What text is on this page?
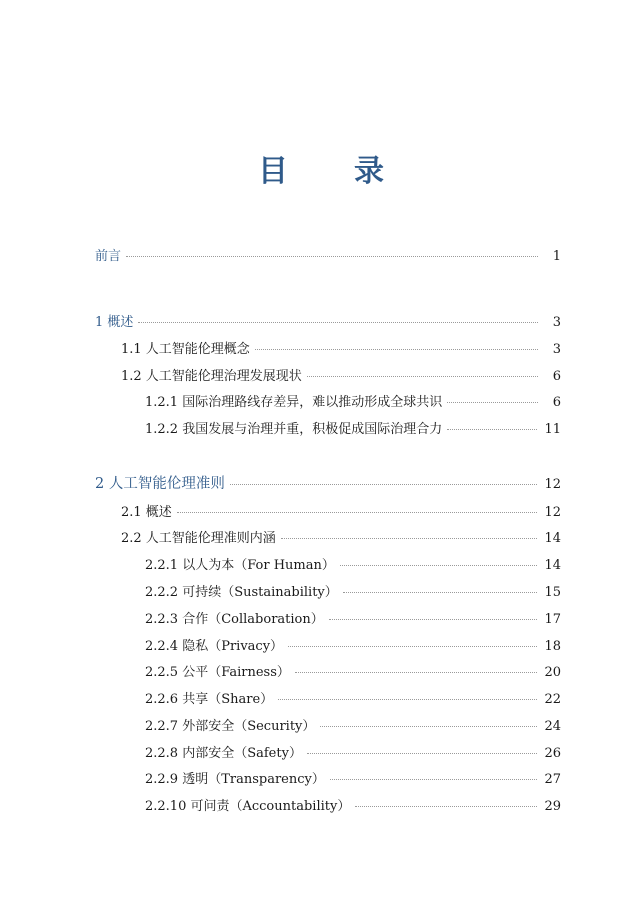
目 录
前言	1
1 概述	3
1.1 人工智能伦理概念	3
1.2 人工智能伦理治理发展现状	6
1.2.1 国际治理路线存差异，难以推动形成全球共识	6
1.2.2 我国发展与治理并重，积极促成国际治理合力	11
2 人工智能伦理准则	12
2.1 概述	12
2.2 人工智能伦理准则内涵	14
2.2.1 以人为本（For Human）	14
2.2.2 可持续（Sustainability）	15
2.2.3 合作（Collaboration）	17
2.2.4 隐私（Privacy）	18
2.2.5 公平（Fairness）	20
2.2.6 共享（Share）	22
2.2.7 外部安全（Security）	24
2.2.8 内部安全（Safety）	26
2.2.9 透明（Transparency）	27
2.2.10 可问责（Accountability）	29
